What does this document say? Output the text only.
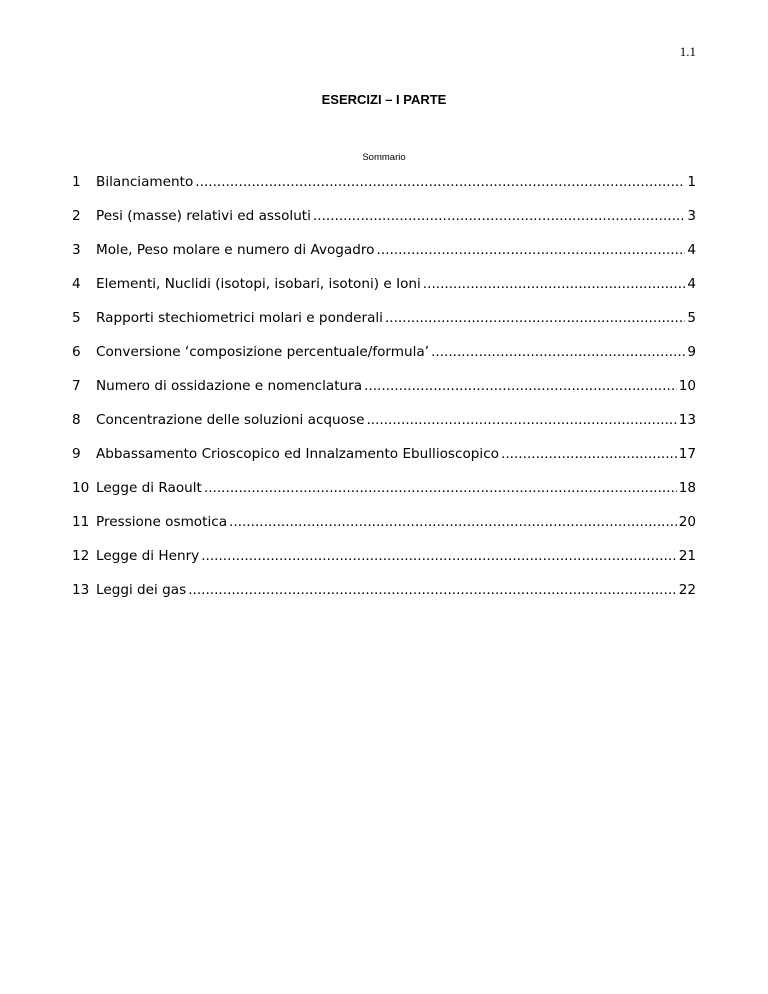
1.1
ESERCIZI – I PARTE
Sommario
1	Bilanciamento .....	1
2	Pesi (masse) relativi ed assoluti .....	3
3	Mole, Peso molare e numero di Avogadro .....	4
4	Elementi, Nuclidi (isotopi, isobari, isotoni) e Ioni .....	4
5	Rapporti stechiometrici molari e ponderali .....	5
6	Conversione ‘composizione percentuale/formula’ .....	9
7	Numero di ossidazione e nomenclatura .....	10
8	Concentrazione delle soluzioni acquose .....	13
9	Abbassamento Crioscopico ed Innalzamento Ebullioscopico .....	17
10 Legge di Raoult .....	18
11 Pressione osmotica .....	20
12 Legge di Henry .....	21
13 Leggi dei gas .....	22
